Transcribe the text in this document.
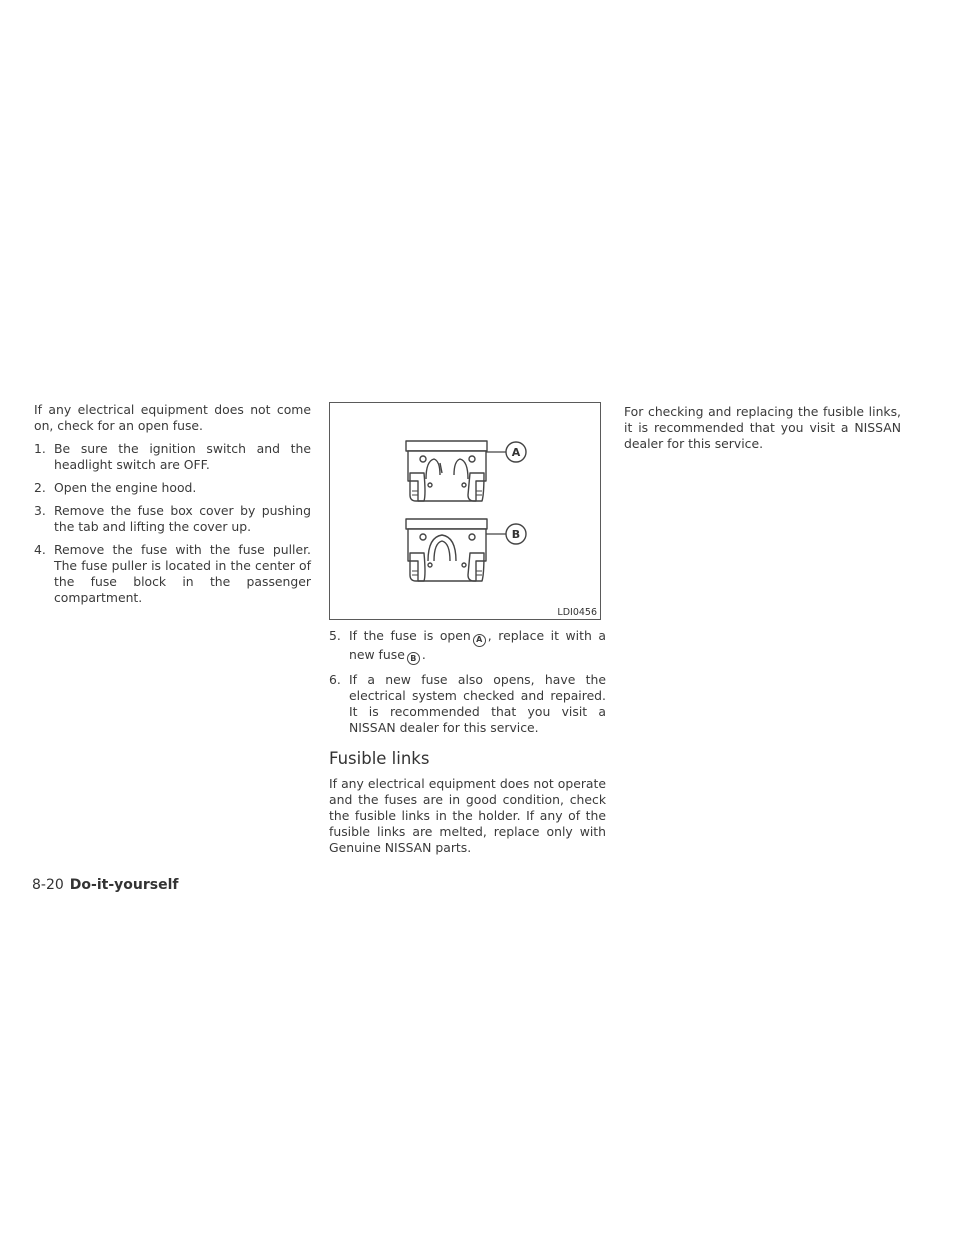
If any electrical equipment does not come on, check for an open fuse.

1. Be sure the ignition switch and the headlight switch are OFF.
2. Open the engine hood.
3. Remove the fuse box cover by pushing the tab and lifting the cover up.
4. Remove the fuse with the fuse puller. The fuse puller is located in the center of the fuse block in the passenger compartment.
A
B
LDI0456
5. If the fuse is open A , replace it with a new fuse B .
6. If a new fuse also opens, have the electrical system checked and repaired. It is recommended that you visit a NISSAN dealer for this service.
Fusible links

If any electrical equipment does not operate and the fuses are in good condition, check the fusible links in the holder. If any of the fusible links are melted, replace only with Genuine NISSAN parts.

For checking and replacing the fusible links, it is recommended that you visit a NISSAN dealer for this service.

8-20 Do-it-yourself
